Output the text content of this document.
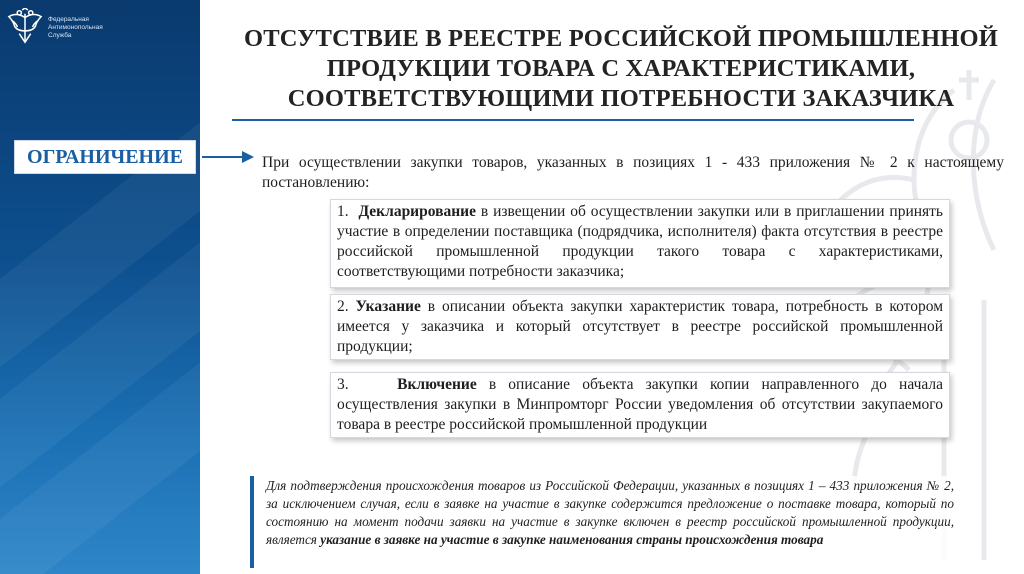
Федеральная
Антимонопольная
Служба	ОТСУТСТВИЕ В РЕЕСТРЕ РОССИЙСКОЙ ПРОМЫШЛЕННОЙ
ПРОДУКЦИИ ТОВАРА С ХАРАКТЕРИСТИКАМИ,
СООТВЕТСТВУЮЩИМИ ПОТРЕБНОСТИ ЗАКАЗЧИКА
ОГРАНИЧЕНИЕ	При осуществлении закупки товаров, указанных в позициях 1 - 433 приложения № 2 к настоящему постановлению:

1. Декларирование в извещении об осуществлении закупки или в приглашении принять участие в определении поставщика (подрядчика, исполнителя) факта отсутствия в реестре российской промышленной продукции такого товара с характеристиками, соответствующими потребности заказчика;

2. Указание в описании объекта закупки характеристик товара, потребность в котором имеется у заказчика и который отсутствует в реестре российской промышленной продукции;

3.	Включение в описание объекта закупки копии направленного до начала осуществления закупки в Минпромторг России уведомления об отсутствии закупаемого товара в реестре российской промышленной продукции

Для подтверждения происхождения товаров из Российской Федерации, указанных в позициях 1 – 433 приложения № 2, за исключением случая, если в заявке на участие в закупке содержится предложение о поставке товара, который по состоянию на момент подачи заявки на участие в закупке включен в реестр российской промышленной продукции, является указание в заявке на участие в закупке наименования страны происхождения товара
